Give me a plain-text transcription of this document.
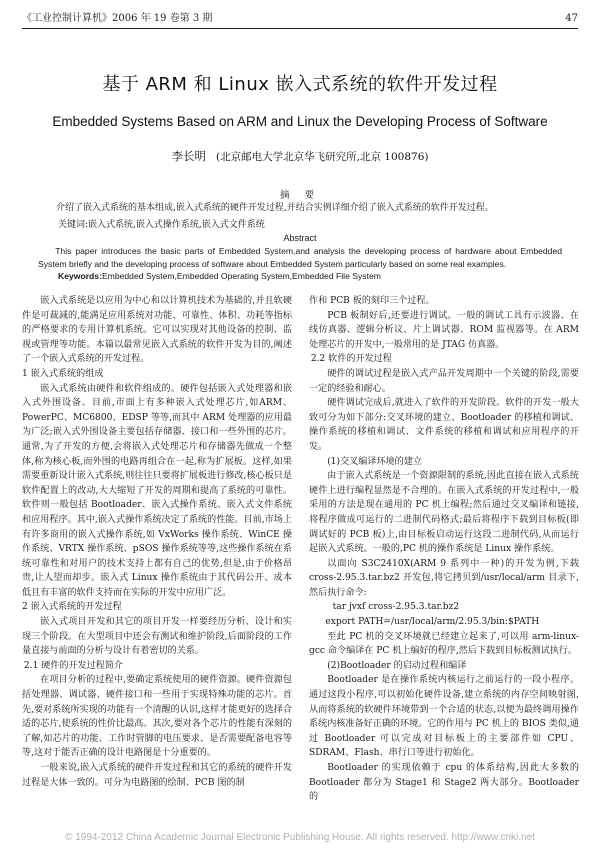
《工业控制计算机》2006 年 19 卷第 3 期	47
基于 ARM 和 Linux 嵌入式系统的软件开发过程
Embedded Systems Based on ARM and Linux the Developing Process of Software
李长明 (北京邮电大学北京华飞研究所,北京 100876)
摘 要

介绍了嵌入式系统的基本组成,嵌入式系统的硬件开发过程,并结合实例详细介绍了嵌入式系统的软件开发过程。

关键词:嵌入式系统,嵌入式操作系统,嵌入式文件系统

Abstract

This paper introduces the basic parts of Embedded System,and analysis the developing process of hardware about Embedded System briefly and the developing process of software about Embedded System particularly based on some real examples.

Keywords:Embedded System,Embedded Operating System,Embedded File System

嵌入式系统是以应用为中心和以计算机技术为基础的,并且软硬件是可裁减的,能满足应用系统对功能、可靠性、体积、功耗等指标的严格要求的专用计算机系统。它可以实现对其他设备的控制、监视或管理等功能。本篇以最常见嵌入式系统的软件开发为目的,阐述了一个嵌入式系统的开发过程。

1 嵌入式系统的组成

嵌入式系统由硬件和软件组成的。硬件包括嵌入式处理器和嵌入式外围设备。目前,市面上有多种嵌入式处理芯片,如ARM、PowerPC、MC6800、EDSP 等等,而其中 ARM 处理器的应用最为广泛;嵌入式外围设备主要包括存储器、接口和一些外围的芯片。通常,为了开发的方便,会将嵌入式处理芯片和存储器先做成一个整体,称为核心板,而外围的电路再组合在一起,称为扩展板。这样,如果需要重新设计嵌入式系统,则往往只要将扩展板进行修改,核心板只是软件配置上的改动,大大缩短了开发的周期和提高了系统的可靠性。软件则一般包括 Bootloader、嵌入式操作系统、嵌入式文件系统和应用程序。其中,嵌入式操作系统决定了系统的性能。目前,市场上有许多商用的嵌入式操作系统,如 VxWorks 操作系统、WinCE 操作系统、VRTX 操作系统、pSOS 操作系统等等,这些操作系统在系统可靠性和对用户的技术支持上都有自己的优势,但是,由于价格昂贵,让人望而却步。嵌入式 Linux 操作系统由于其代码公开、成本低且有丰富的软件支持而在实际的开发中应用广泛。

2 嵌入式系统的开发过程

嵌入式项目开发和其它的项目开发一样要经历分析、设计和实现三个阶段。在大型项目中还会有测试和维护阶段,后面阶段的工作量直接与前面的分析与设计有着密切的关系。

2.1 硬件的开发过程简介

在项目分析的过程中,要确定系统使用的硬件资源。硬件资源包括处理器、调试器、硬件接口和一些用于实现特殊功能的芯片。首先,要对系统所实现的功能有一个清醒的认识,这样才能更好的选择合适的芯片,使系统的性价比最高。其次,要对各个芯片的性能有深刻的了解,如芯片的功能、工作时管脚的电压要求、是否需要配备电容等等,这对于能否正确的设计电路图是十分重要的。

一般来说,嵌入式系统的硬件开发过程和其它的系统的硬件开发过程是大体一致的。可分为电路图的绘制、PCB 图的制

作和 PCB 板的刻印三个过程。

PCB 板制好后,还要进行调试。一般的调试工具有示波器、在线仿真器、逻辑分析议、片上调试器、ROM 监视器等。在 ARM 处理芯片的开发中,一般常用的是 JTAG 仿真器。

2.2 软件的开发过程

硬件的调试过程是嵌入式产品开发周期中一个关键的阶段,需要一定的经验和耐心。

硬件调试完成后,就进入了软件的开发阶段。软件的开发一般大致可分为如下部分:交叉环境的建立、Bootloader 的移植和调试、操作系统的移植和调试、文件系统的移植和调试和应用程序的开发。

(1)交叉编译环境的建立

由于嵌入式系统是一个资源限制的系统,因此直接在嵌入式系统硬件上进行编程显然是不合理的。在嵌入式系统的开发过程中,一般采用的方法是现在通用的 PC 机上编程;然后通过交叉编译和链接,将程序做成可运行的二进制代码格式;最后将程序下载到目标板(即调试好的 PCB 板)上,由目标板启动运行这段二进制代码,从而运行起嵌入式系统。一般的,PC 机的操作系统是 Linux 操作系统。

以面向 S3C2410X(ARM 9 系列中一种)的开发为例,下载 cross-2.95.3.tar.bz2 开发包,将它拷贝到/usr/local/arm 目录下,然后执行命令:

tar jvxf cross-2.95.3.tar.bz2

export PATH=/usr/local/arm/2.95.3/bin:$PATH

至此 PC 机的交叉环境就已经建立起来了,可以用 arm-linux-gcc 命令编译在 PC 机上编好的程序,然后下载到目标板测试执行。

(2)Bootloader 的启动过程和编译

Bootloader 是在操作系统内核运行之前运行的一段小程序。通过这段小程序,可以初始化硬件设备,建立系统的内存空间映射图,从而将系统的软硬件环境带到一个合适的状态,以便为最终调用操作系统内核准备好正确的环境。它的作用与 PC 机上的 BIOS 类似,通过 Bootloader 可以完成对目标板上的主要部件如 CPU、SDRAM、Flash、串行口等进行初始化。

Bootloader 的实现依赖于 cpu 的体系结构,因此大多数的 Bootloader 都分为 Stage1 和 Stage2 两大部分。Bootloader 的

© 1994-2012 China Academic Journal Electronic Publishing House. All rights reserved. http://www.cnki.net
